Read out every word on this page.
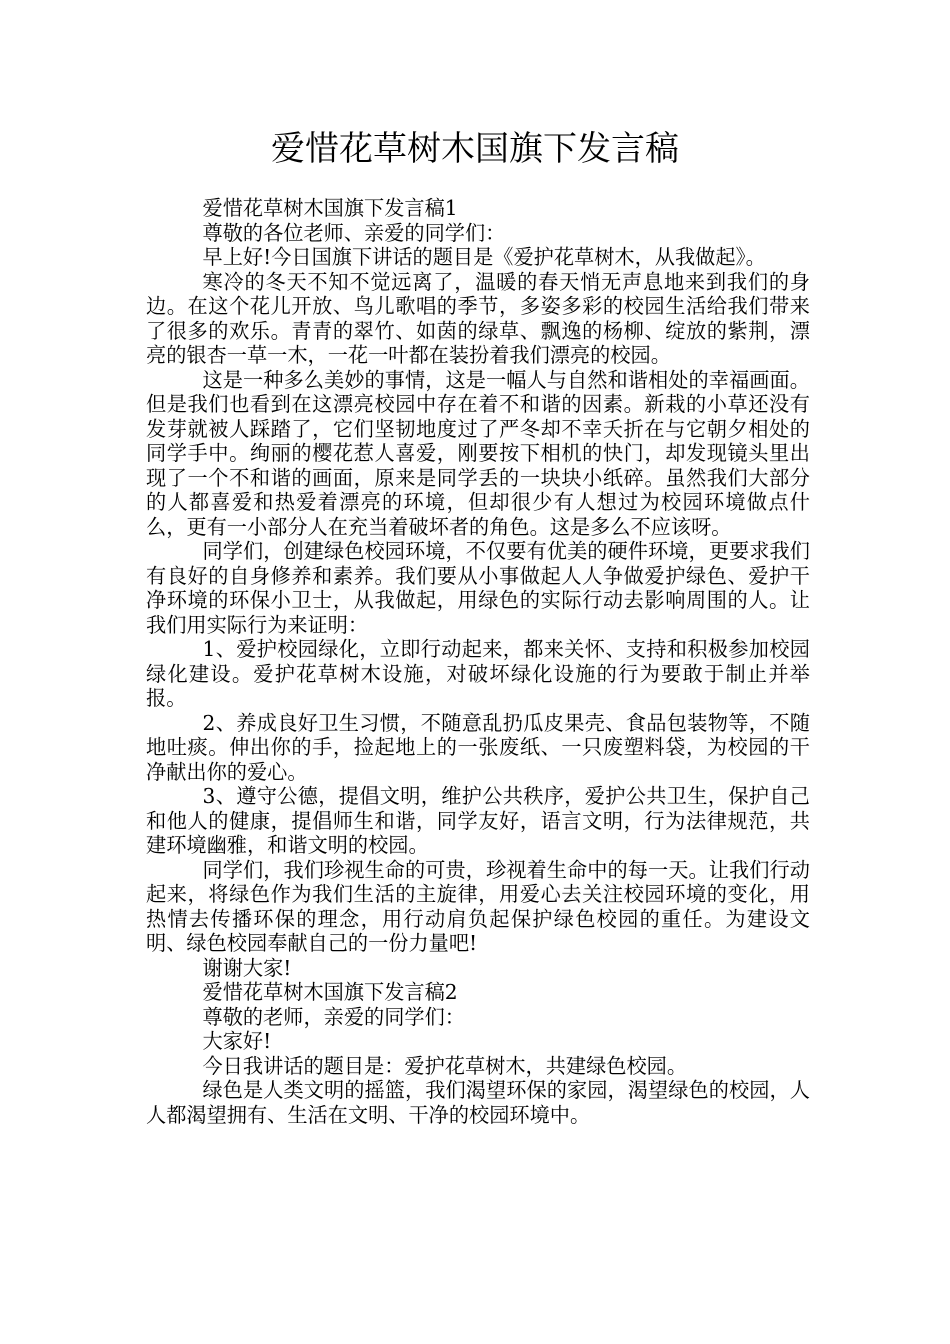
爱惜花草树木国旗下发言稿

爱惜花草树木国旗下发言稿1

尊敬的各位老师、亲爱的同学们：

早上好!今日国旗下讲话的题目是《爱护花草树木，从我做起》。

寒冷的冬天不知不觉远离了，温暖的春天悄无声息地来到我们的身边。在这个花儿开放、鸟儿歌唱的季节，多姿多彩的校园生活给我们带来了很多的欢乐。青青的翠竹、如茵的绿草、飘逸的杨柳、绽放的紫荆，漂亮的银杏一草一木，一花一叶都在装扮着我们漂亮的校园。

这是一种多么美妙的事情，这是一幅人与自然和谐相处的幸福画面。但是我们也看到在这漂亮校园中存在着不和谐的因素。新栽的小草还没有发芽就被人踩踏了，它们坚韧地度过了严冬却不幸夭折在与它朝夕相处的同学手中。绚丽的樱花惹人喜爱，刚要按下相机的快门，却发现镜头里出现了一个不和谐的画面，原来是同学丢的一块块小纸碎。虽然我们大部分的人都喜爱和热爱着漂亮的环境，但却很少有人想过为校园环境做点什么，更有一小部分人在充当着破坏者的角色。这是多么不应该呀。

同学们，创建绿色校园环境，不仅要有优美的硬件环境，更要求我们有良好的自身修养和素养。我们要从小事做起人人争做爱护绿色、爱护干净环境的环保小卫士，从我做起，用绿色的实际行动去影响周围的人。让我们用实际行为来证明：

1、爱护校园绿化，立即行动起来，都来关怀、支持和积极参加校园绿化建设。爱护花草树木设施，对破坏绿化设施的行为要敢于制止并举报。

2、养成良好卫生习惯，不随意乱扔瓜皮果壳、食品包装物等，不随地吐痰。伸出你的手，捡起地上的一张废纸、一只废塑料袋，为校园的干净献出你的爱心。

3、遵守公德，提倡文明，维护公共秩序，爱护公共卫生，保护自己和他人的健康，提倡师生和谐，同学友好，语言文明，行为法律规范，共建环境幽雅，和谐文明的校园。

同学们，我们珍视生命的可贵，珍视着生命中的每一天。让我们行动起来，将绿色作为我们生活的主旋律，用爱心去关注校园环境的变化，用热情去传播环保的理念，用行动肩负起保护绿色校园的重任。为建设文明、绿色校园奉献自己的一份力量吧!

谢谢大家!

爱惜花草树木国旗下发言稿2

尊敬的老师，亲爱的同学们：

大家好!

今日我讲话的题目是：爱护花草树木，共建绿色校园。

绿色是人类文明的摇篮，我们渴望环保的家园，渴望绿色的校园，人人都渴望拥有、生活在文明、干净的校园环境中。
